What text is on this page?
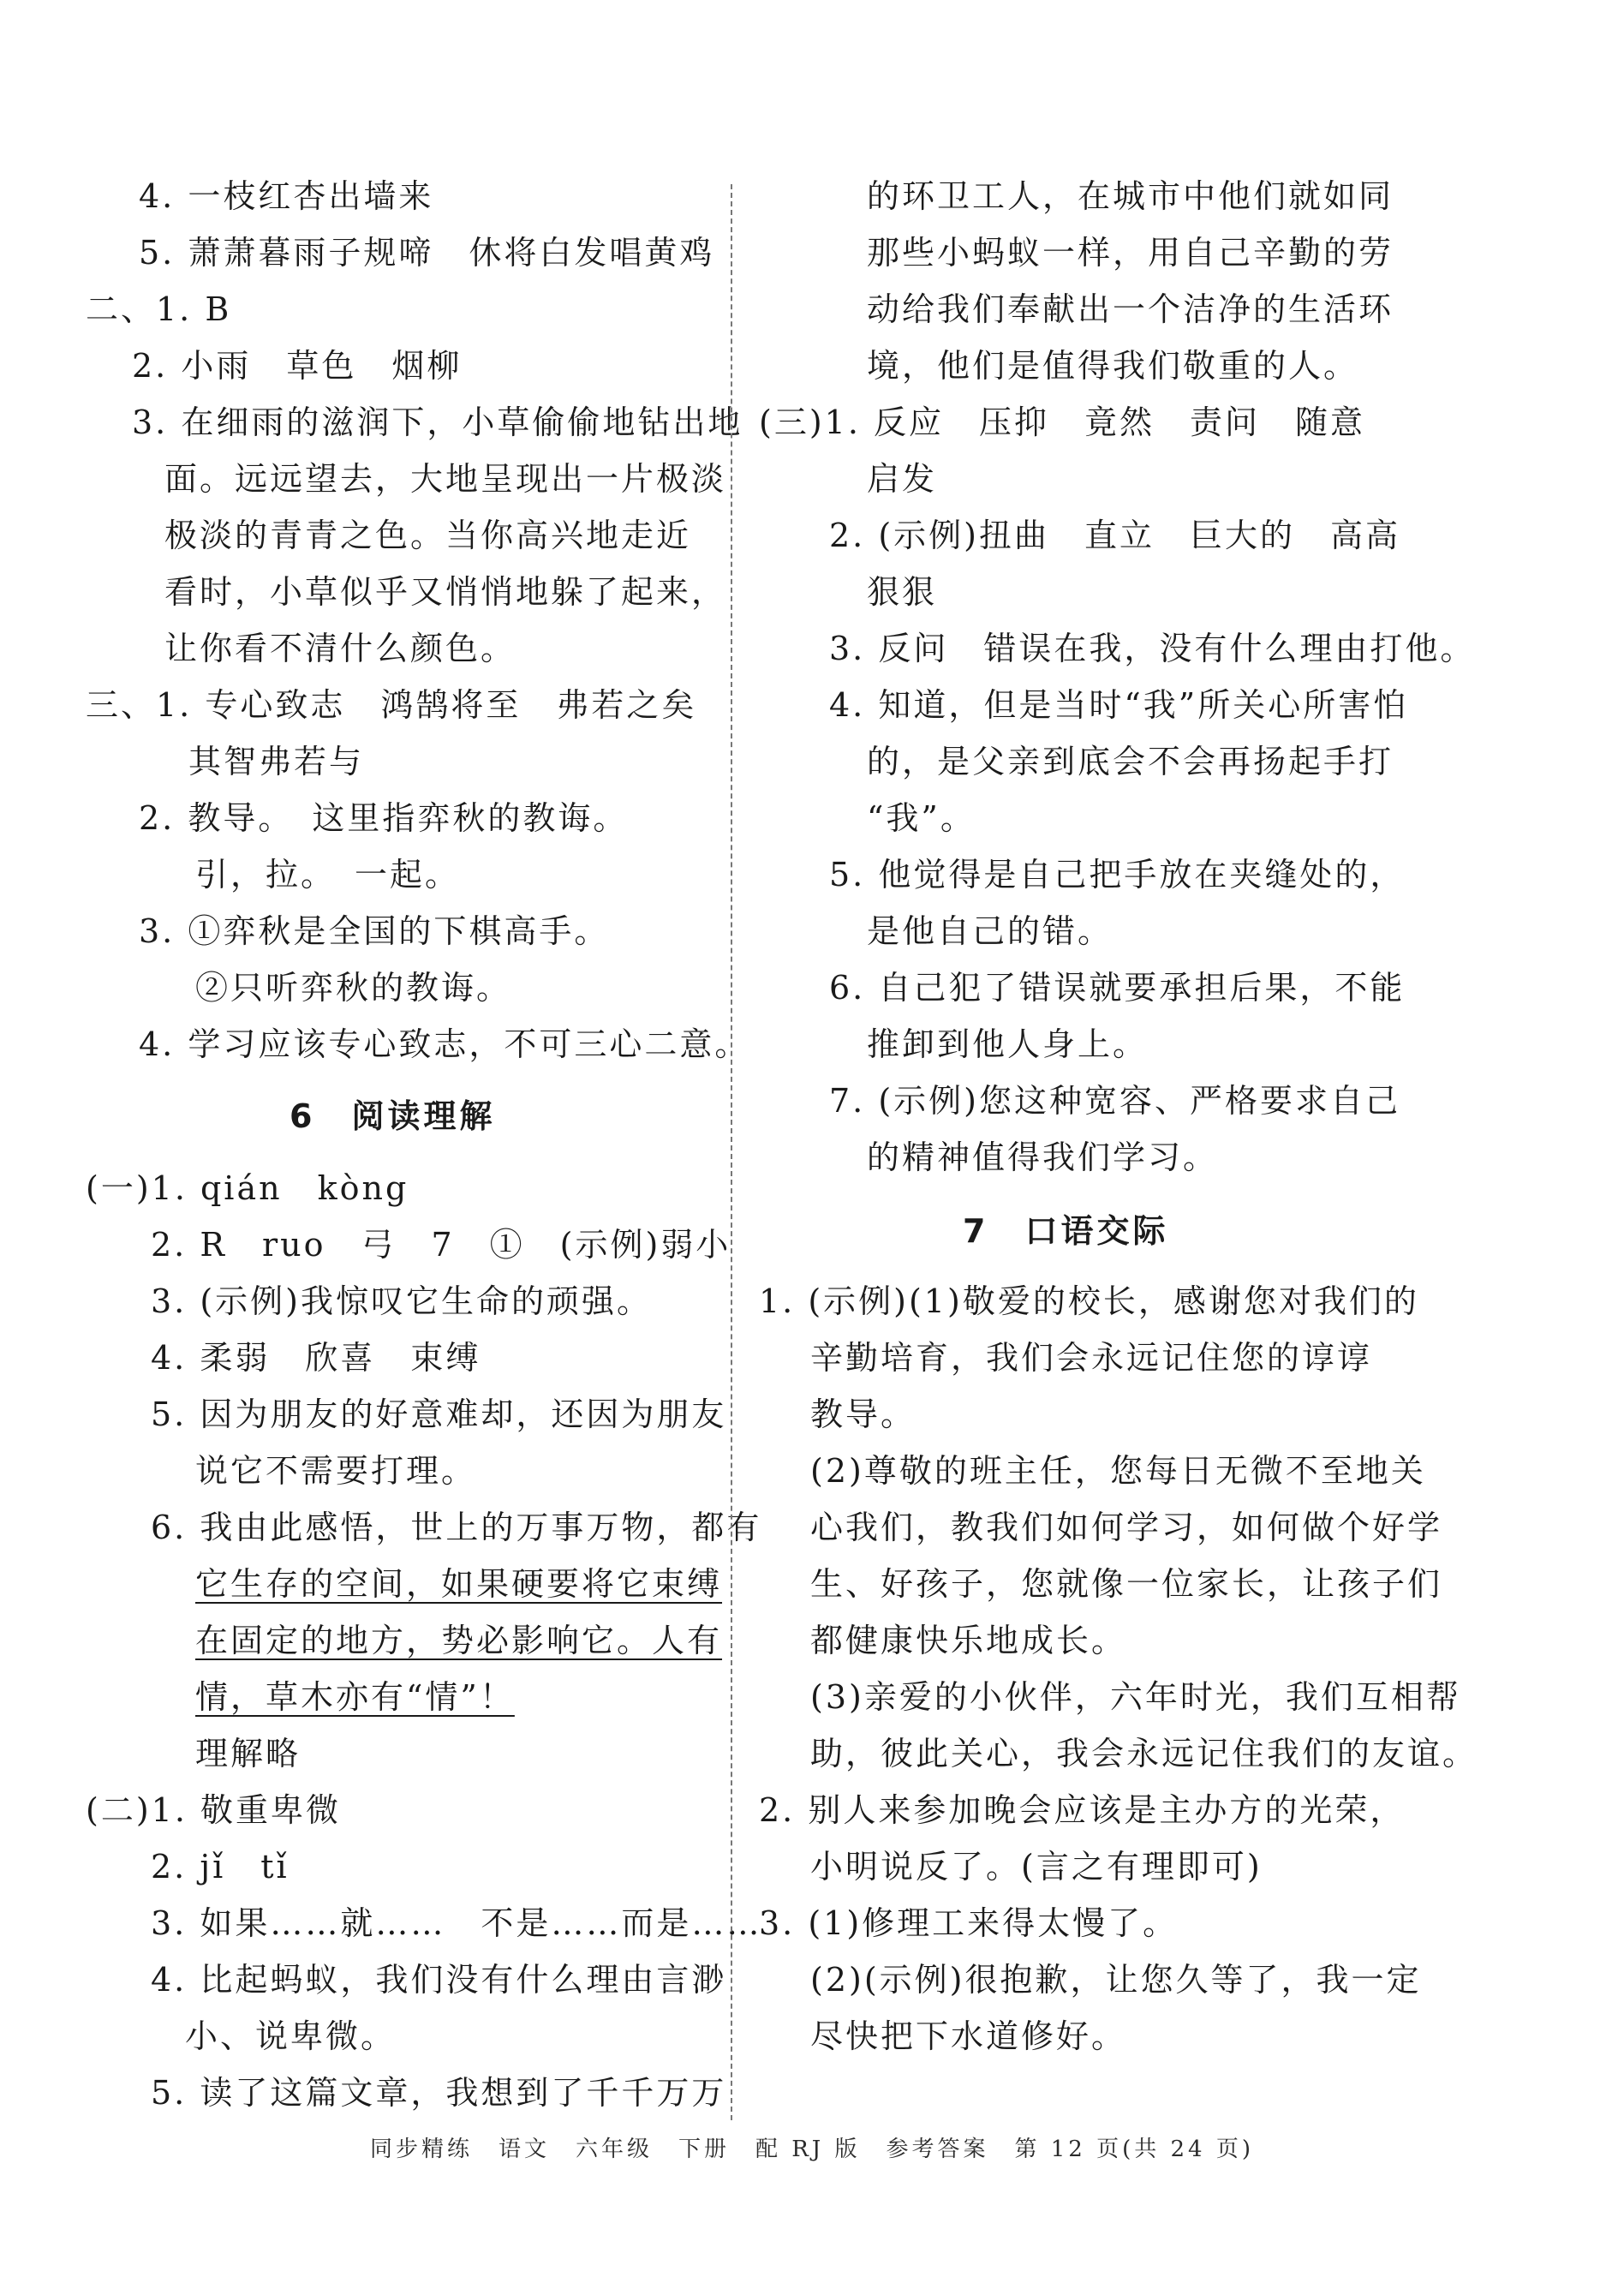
4. 一枝红杏出墙来
5. 萧萧暮雨子规啼　休将白发唱黄鸡
二、1. B
2. 小雨　草色　烟柳
3. 在细雨的滋润下，小草偷偷地钻出地
面。远远望去，大地呈现出一片极淡
极淡的青青之色。当你高兴地走近
看时，小草似乎又悄悄地躲了起来，
让你看不清什么颜色。
三、1. 专心致志　鸿鹄将至　弗若之矣
其智弗若与
2. 教导。　这里指弈秋的教诲。
引，拉。　一起。
3. ①弈秋是全国的下棋高手。
②只听弈秋的教诲。
4. 学习应该专心致志，不可三心二意。
6　阅读理解
(一)1. qián　kòng
2. R　ruo　弓　7　①　(示例)弱小
3. (示例)我惊叹它生命的顽强。
4. 柔弱　欣喜　束缚
5. 因为朋友的好意难却，还因为朋友
说它不需要打理。
6. 我由此感悟，世上的万事万物，都有
它生存的空间，如果硬要将它束缚
在固定的地方，势必影响它。人有
情，草木亦有“情”！
理解略
(二)1. 敬重卑微
2. jǐ　tǐ
3. 如果……就……　不是……而是……
4. 比起蚂蚁，我们没有什么理由言渺
小、说卑微。
5. 读了这篇文章，我想到了千千万万
的环卫工人，在城市中他们就如同
那些小蚂蚁一样，用自己辛勤的劳
动给我们奉献出一个洁净的生活环
境，他们是值得我们敬重的人。
(三)1. 反应　压抑　竟然　责问　随意
启发
2. (示例)扭曲　直立　巨大的　高高
狠狠
3. 反问　错误在我，没有什么理由打他。
4. 知道，但是当时“我”所关心所害怕
的，是父亲到底会不会再扬起手打
“我”。
5. 他觉得是自己把手放在夹缝处的，
是他自己的错。
6. 自己犯了错误就要承担后果，不能
推卸到他人身上。
7. (示例)您这种宽容、严格要求自己
的精神值得我们学习。
7　口语交际
1. (示例)(1)敬爱的校长，感谢您对我们的
辛勤培育，我们会永远记住您的谆谆
教导。
(2)尊敬的班主任，您每日无微不至地关
心我们，教我们如何学习，如何做个好学
生、好孩子，您就像一位家长，让孩子们
都健康快乐地成长。
(3)亲爱的小伙伴，六年时光，我们互相帮
助，彼此关心，我会永远记住我们的友谊。
2. 别人来参加晚会应该是主办方的光荣，
小明说反了。(言之有理即可)
3. (1)修理工来得太慢了。
(2)(示例)很抱歉，让您久等了，我一定
尽快把下水道修好。
同步精练　语文　六年级　下册　配 RJ 版　参考答案　第 12 页(共 24 页)
